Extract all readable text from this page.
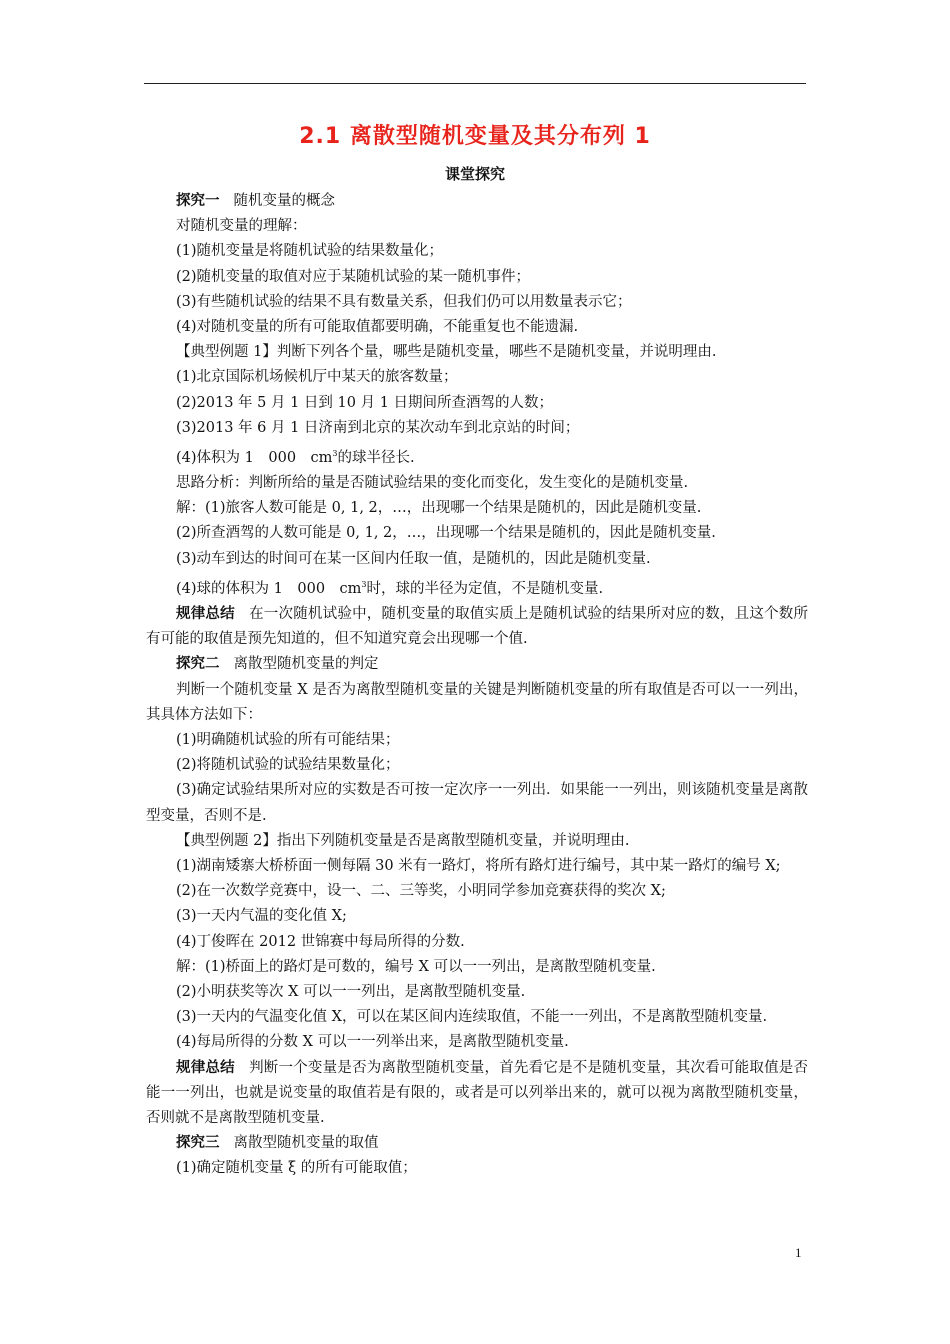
2.1 离散型随机变量及其分布列 1
课堂探究
探究一 随机变量的概念
对随机变量的理解：
(1)随机变量是将随机试验的结果数量化；
(2)随机变量的取值对应于某随机试验的某一随机事件；
(3)有些随机试验的结果不具有数量关系，但我们仍可以用数量表示它；
(4)对随机变量的所有可能取值都要明确，不能重复也不能遗漏.
【典型例题 1】判断下列各个量，哪些是随机变量，哪些不是随机变量，并说明理由.
(1)北京国际机场候机厅中某天的旅客数量；
(2)2013 年 5 月 1 日到 10 月 1 日期间所查酒驾的人数；
(3)2013 年 6 月 1 日济南到北京的某次动车到北京站的时间；
(4)体积为 1　000　$cm^3$的球半径长.
思路分析：判断所给的量是否随试验结果的变化而变化，发生变化的是随机变量.
解：(1)旅客人数可能是 0, 1, 2，…，出现哪一个结果是随机的，因此是随机变量.
(2)所查酒驾的人数可能是 0, 1, 2，…，出现哪一个结果是随机的，因此是随机变量.
(3)动车到达的时间可在某一区间内任取一值，是随机的，因此是随机变量.
(4)球的体积为 1　000　$cm^3$时，球的半径为定值，不是随机变量.
规律总结 在一次随机试验中，随机变量的取值实质上是随机试验的结果所对应的数，且这个数所有可能的取值是预先知道的，但不知道究竟会出现哪一个值.
探究二 离散型随机变量的判定
判断一个随机变量 X 是否为离散型随机变量的关键是判断随机变量的所有取值是否可以一一列出，其具体方法如下：
(1)明确随机试验的所有可能结果；
(2)将随机试验的试验结果数量化；
(3)确定试验结果所对应的实数是否可按一定次序一一列出．如果能一一列出，则该随机变量是离散型变量，否则不是.
【典型例题 2】指出下列随机变量是否是离散型随机变量，并说明理由.
(1)湖南矮寨大桥桥面一侧每隔 30 米有一路灯，将所有路灯进行编号，其中某一路灯的编号 X;
(2)在一次数学竞赛中，设一、二、三等奖，小明同学参加竞赛获得的奖次 X;
(3)一天内气温的变化值 X;
(4)丁俊晖在 2012 世锦赛中每局所得的分数.
解：(1)桥面上的路灯是可数的，编号 X 可以一一列出，是离散型随机变量.
(2)小明获奖等次 X 可以一一列出，是离散型随机变量.
(3)一天内的气温变化值 X，可以在某区间内连续取值，不能一一列出，不是离散型随机变量.
(4)每局所得的分数 X 可以一一列举出来，是离散型随机变量.
规律总结 判断一个变量是否为离散型随机变量，首先看它是不是随机变量，其次看可能取值是否能一一列出，也就是说变量的取值若是有限的，或者是可以列举出来的，就可以视为离散型随机变量，否则就不是离散型随机变量.
探究三 离散型随机变量的取值
(1)确定随机变量 ξ 的所有可能取值；
1
